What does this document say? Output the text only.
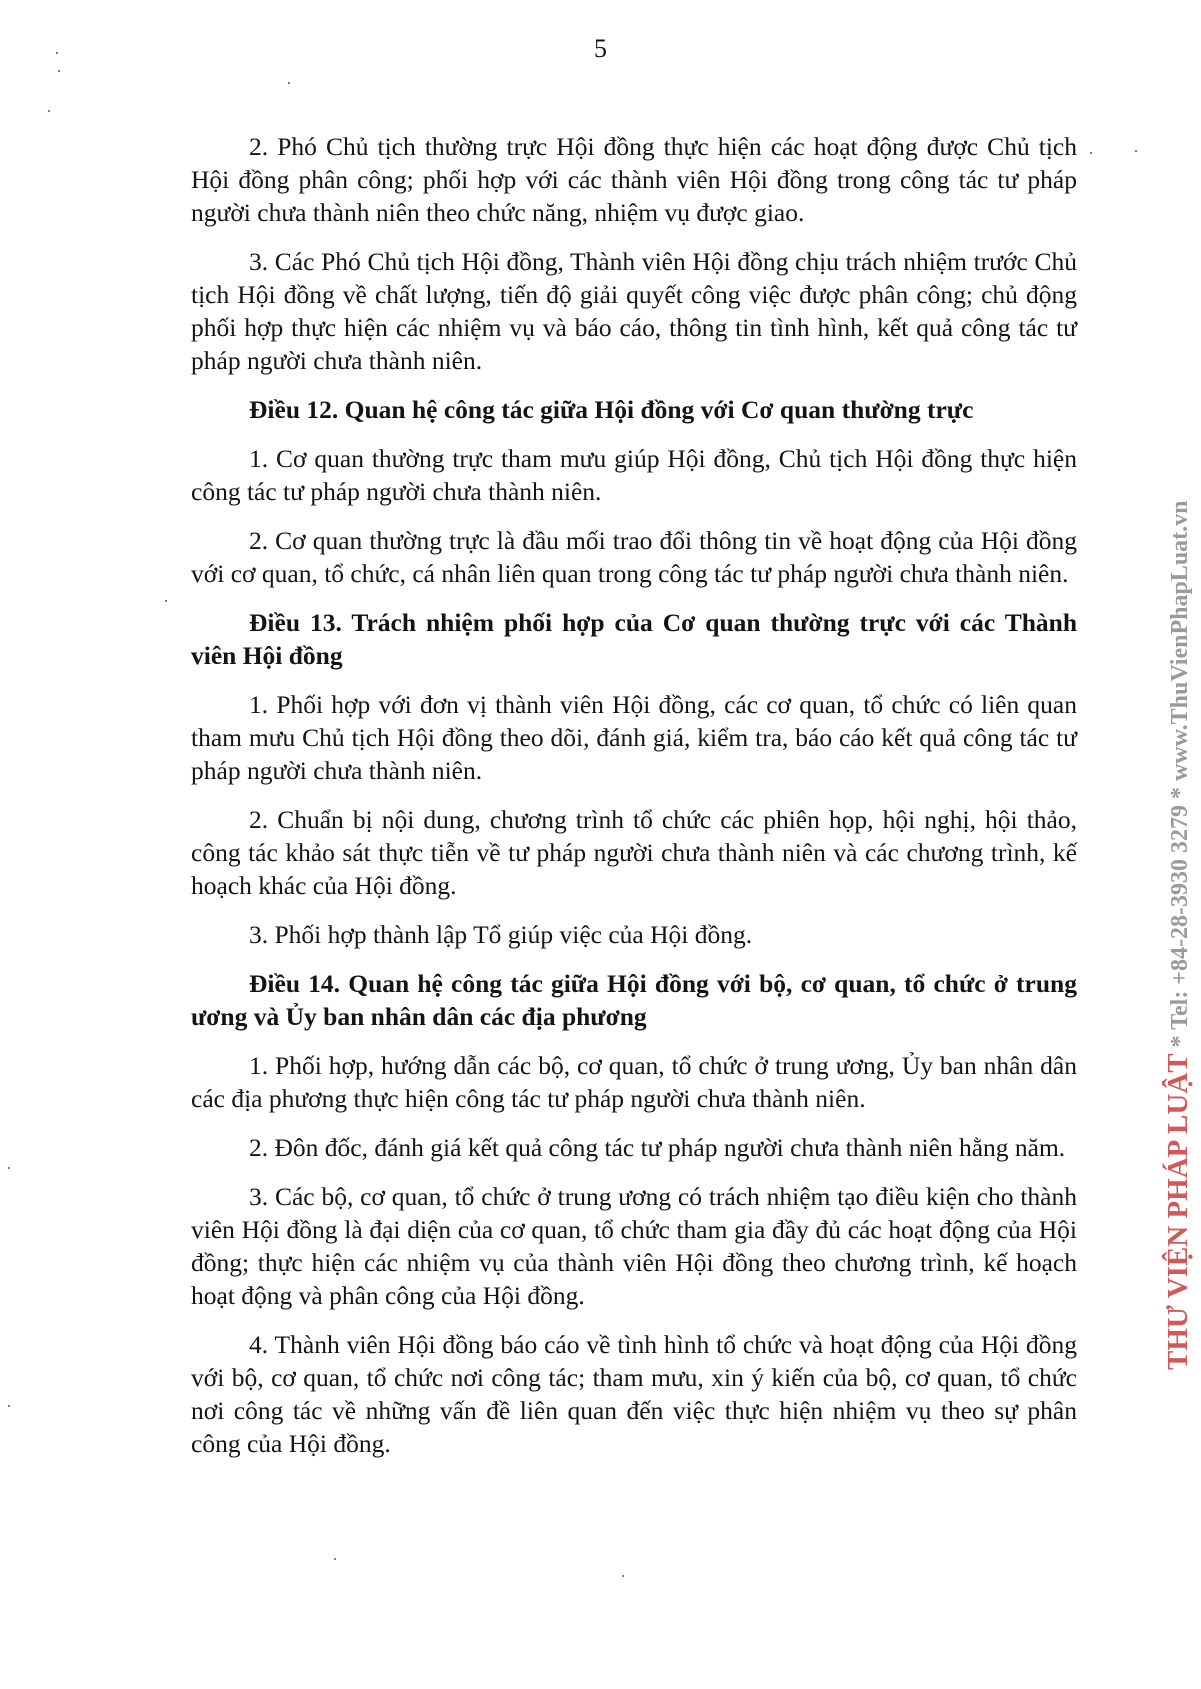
5

2. Phó Chủ tịch thường trực Hội đồng thực hiện các hoạt động được Chủ tịch Hội đồng phân công; phối hợp với các thành viên Hội đồng trong công tác tư pháp người chưa thành niên theo chức năng, nhiệm vụ được giao.

3. Các Phó Chủ tịch Hội đồng, Thành viên Hội đồng chịu trách nhiệm trước Chủ tịch Hội đồng về chất lượng, tiến độ giải quyết công việc được phân công; chủ động phối hợp thực hiện các nhiệm vụ và báo cáo, thông tin tình hình, kết quả công tác tư pháp người chưa thành niên.

Điều 12. Quan hệ công tác giữa Hội đồng với Cơ quan thường trực

1. Cơ quan thường trực tham mưu giúp Hội đồng, Chủ tịch Hội đồng thực hiện công tác tư pháp người chưa thành niên.

2. Cơ quan thường trực là đầu mối trao đổi thông tin về hoạt động của Hội đồng với cơ quan, tổ chức, cá nhân liên quan trong công tác tư pháp người chưa thành niên.

Điều 13. Trách nhiệm phối hợp của Cơ quan thường trực với các Thành viên Hội đồng

1. Phối hợp với đơn vị thành viên Hội đồng, các cơ quan, tổ chức có liên quan tham mưu Chủ tịch Hội đồng theo dõi, đánh giá, kiểm tra, báo cáo kết quả công tác tư pháp người chưa thành niên.

2. Chuẩn bị nội dung, chương trình tổ chức các phiên họp, hội nghị, hội thảo, công tác khảo sát thực tiễn về tư pháp người chưa thành niên và các chương trình, kế hoạch khác của Hội đồng.

3. Phối hợp thành lập Tổ giúp việc của Hội đồng.

Điều 14. Quan hệ công tác giữa Hội đồng với bộ, cơ quan, tổ chức ở trung ương và Ủy ban nhân dân các địa phương

1. Phối hợp, hướng dẫn các bộ, cơ quan, tổ chức ở trung ương, Ủy ban nhân dân các địa phương thực hiện công tác tư pháp người chưa thành niên.

2. Đôn đốc, đánh giá kết quả công tác tư pháp người chưa thành niên hằng năm.

3. Các bộ, cơ quan, tổ chức ở trung ương có trách nhiệm tạo điều kiện cho thành viên Hội đồng là đại diện của cơ quan, tổ chức tham gia đầy đủ các hoạt động của Hội đồng; thực hiện các nhiệm vụ của thành viên Hội đồng theo chương trình, kế hoạch hoạt động và phân công của Hội đồng.

4. Thành viên Hội đồng báo cáo về tình hình tổ chức và hoạt động của Hội đồng với bộ, cơ quan, tổ chức nơi công tác; tham mưu, xin ý kiến của bộ, cơ quan, tổ chức nơi công tác về những vấn đề liên quan đến việc thực hiện nhiệm vụ theo sự phân công của Hội đồng.

THƯ VIỆN PHÁP LUẬT * Tel: +84-28-3930 3279 * www.ThuVienPhapLuat.vn
